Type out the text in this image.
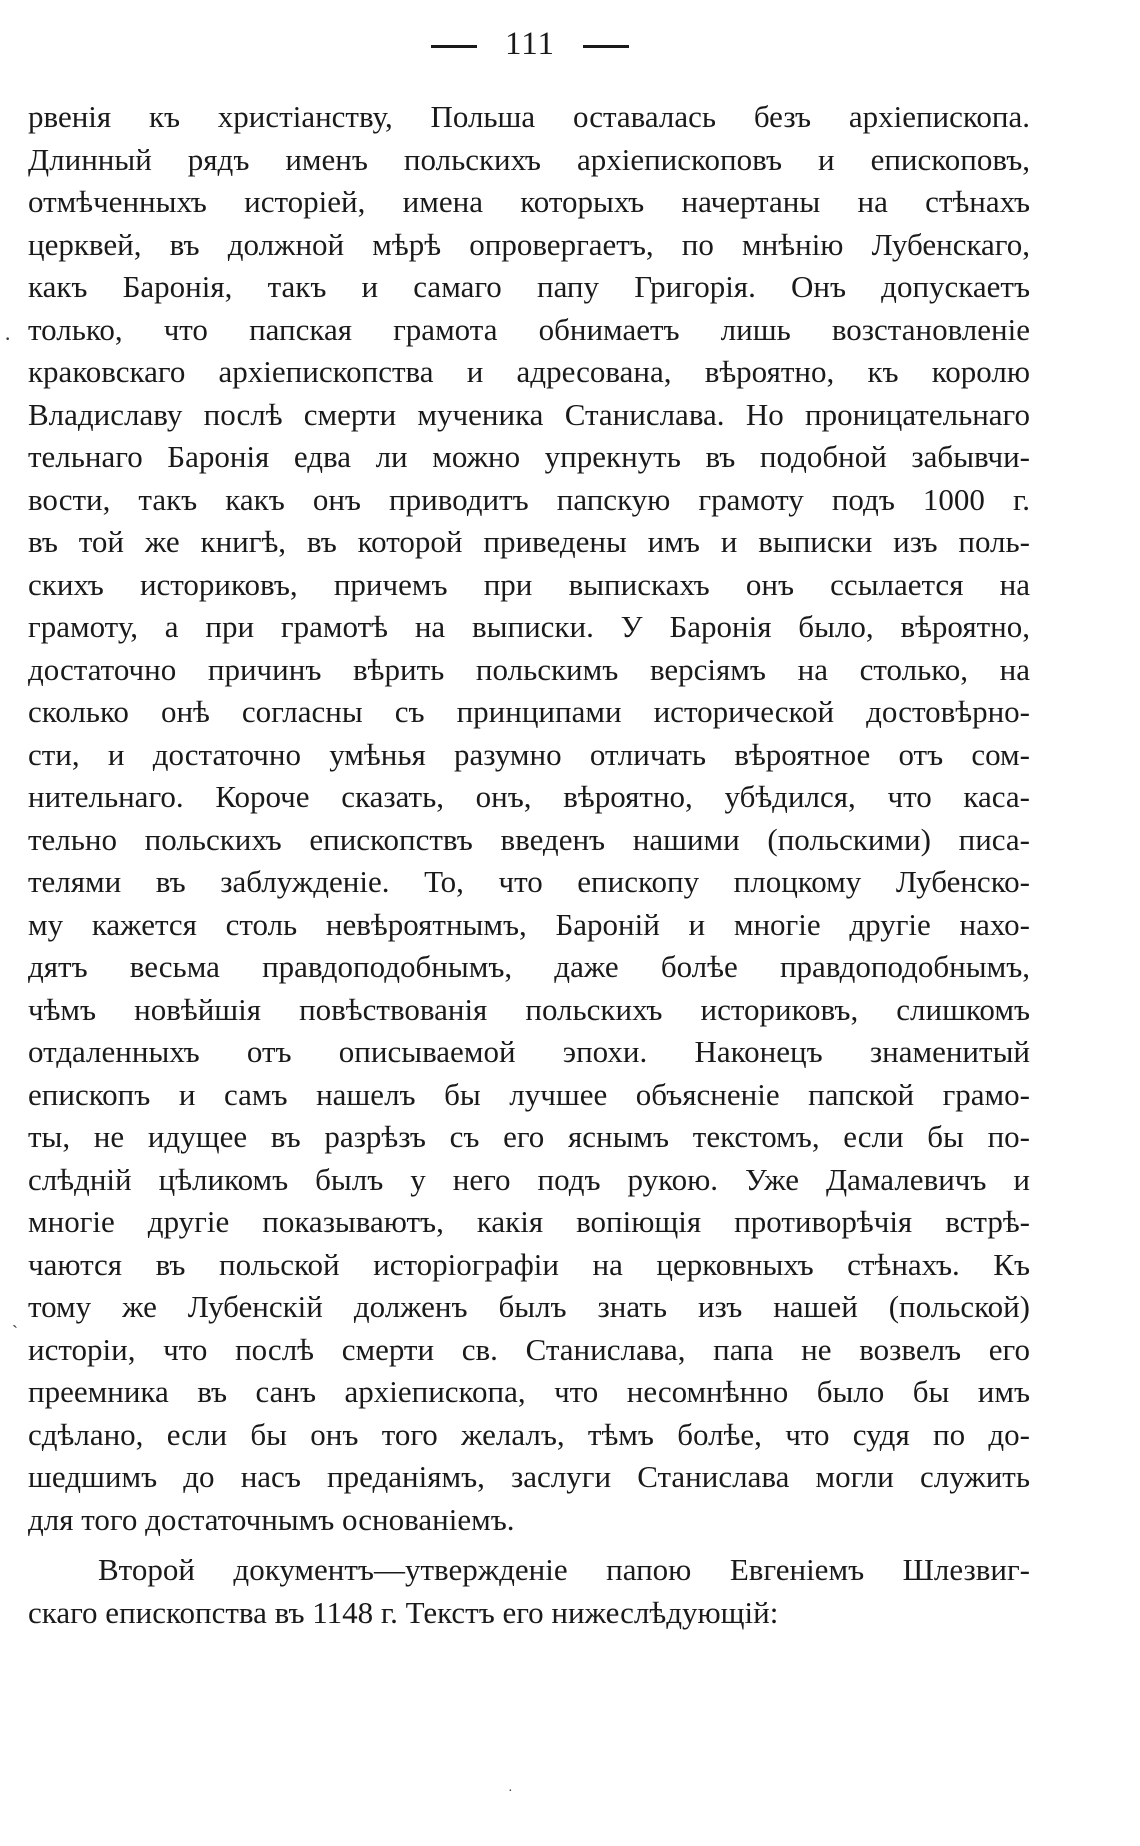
111
·
ˏ
·
рвенія къ христіанству, Польша оставалась безъ архіепископа.
Длинный рядъ именъ польскихъ архіепископовъ и епископовъ,
отмѣченныхъ исторіей, имена которыхъ начертаны на стѣнахъ
церквей, въ должной мѣрѣ опровергаетъ, по мнѣнію Лубенскаго,
какъ Баронія, такъ и самаго папу Григорія. Онъ допускаетъ
только, что папская грамота обнимаетъ лишь возстановленіе
краковскаго архіепископства и адресована, вѣроятно, къ королю
Владиславу послѣ смерти мученика Станислава. Но проницательнаго
тельнаго Баронія едва ли можно упрекнуть въ подобной забывчи-
вости, такъ какъ онъ приводитъ папскую грамоту подъ 1000 г.
въ той же книгѣ, въ которой приведены имъ и выписки изъ поль-
скихъ историковъ, причемъ при выпискахъ онъ ссылается на
грамоту, а при грамотѣ на выписки. У Баронія было, вѣроятно,
достаточно причинъ вѣрить польскимъ версіямъ на столько, на
сколько онѣ согласны съ принципами исторической достовѣрно-
сти, и достаточно умѣнья разумно отличать вѣроятное отъ сом-
нительнаго. Короче сказать, онъ, вѣроятно, убѣдился, что каса-
тельно польскихъ епископствъ введенъ нашими (польскими) писа-
телями въ заблужденіе. То, что епископу плоцкому Лубенско-
му кажется столь невѣроятнымъ, Бароній и многіе другіе нахо-
дятъ весьма правдоподобнымъ, даже болѣе правдоподобнымъ,
чѣмъ новѣйшія повѣствованія польскихъ историковъ, слишкомъ
отдаленныхъ отъ описываемой эпохи. Наконецъ знаменитый
епископъ и самъ нашелъ бы лучшее объясненіе папской грамо-
ты, не идущее въ разрѣзъ съ его яснымъ текстомъ, если бы по-
слѣдній цѣликомъ былъ у него подъ рукою. Уже Дамалевичъ и
многіе другіе показываютъ, какія вопіющія противорѣчія встрѣ-
чаются въ польской исторіографіи на церковныхъ стѣнахъ. Къ
тому же Лубенскій долженъ былъ знать изъ нашей (польской)
исторіи, что послѣ смерти св. Станислава, папа не возвелъ его
преемника въ санъ архіепископа, что несомнѣнно было бы имъ
сдѣлано, если бы онъ того желалъ, тѣмъ болѣе, что судя по до-
шедшимъ до насъ преданіямъ, заслуги Станислава могли служить
для того достаточнымъ основаніемъ.
Второй документъ—утвержденіе папою Евгеніемъ Шлезвиг-
скаго епископства въ 1148 г. Текстъ его нижеслѣдующій:
